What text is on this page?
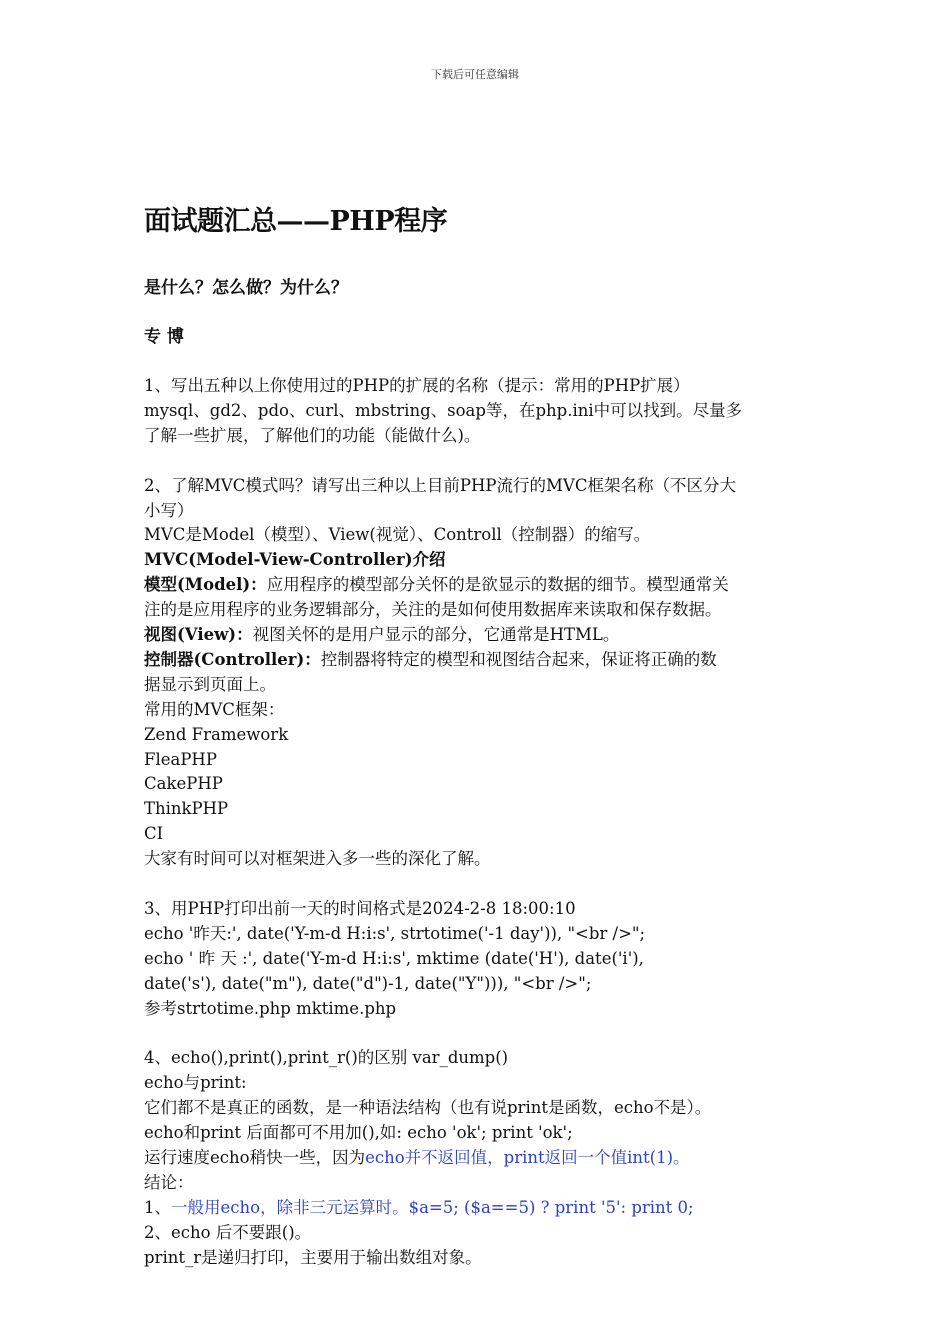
下载后可任意编辑
面试题汇总——PHP程序
是什么？怎么做？为什么？
专 博
1、写出五种以上你使用过的PHP的扩展的名称（提示：常用的PHP扩展）
mysql、gd2、pdo、curl、mbstring、soap等，在php.ini中可以找到。尽量多
了解一些扩展，了解他们的功能（能做什么)。
2、了解MVC模式吗？请写出三种以上目前PHP流行的MVC框架名称（不区分大
小写）
MVC是Model（模型）、View(视觉）、Controll（控制器）的缩写。
MVC(Model-View-Controller)介绍
模型(Model)：应用程序的模型部分关怀的是欲显示的数据的细节。模型通常关
注的是应用程序的业务逻辑部分，关注的是如何使用数据库来读取和保存数据。
视图(View)：视图关怀的是用户显示的部分，它通常是HTML。
控制器(Controller)：控制器将特定的模型和视图结合起来，保证将正确的数
据显示到页面上。
常用的MVC框架：
Zend Framework
FleaPHP
CakePHP
ThinkPHP
CI
大家有时间可以对框架进入多一些的深化了解。
3、用PHP打印出前一天的时间格式是2024-2-8 18:00:10
echo '昨天:', date('Y-m-d H:i:s', strtotime('-1 day')), "<br />";
echo ' 昨 天 :', date('Y-m-d H:i:s', mktime (date('H'), date('i'),
date('s'), date("m"), date("d")-1, date("Y"))), "<br />";
参考strtotime.php mktime.php
4、echo(),print(),print_r()的区别 var_dump()
echo与print:
它们都不是真正的函数，是一种语法结构（也有说print是函数，echo不是）。
echo和print 后面都可不用加(),如: echo 'ok'; print 'ok';
运行速度echo稍快一些，因为echo并不返回值，print返回一个值int(1)。
结论：
1、一般用echo，除非三元运算时。$a=5; ($a==5) ? print '5': print 0;
2、echo 后不要跟()。
print_r是递归打印，主要用于输出数组对象。
